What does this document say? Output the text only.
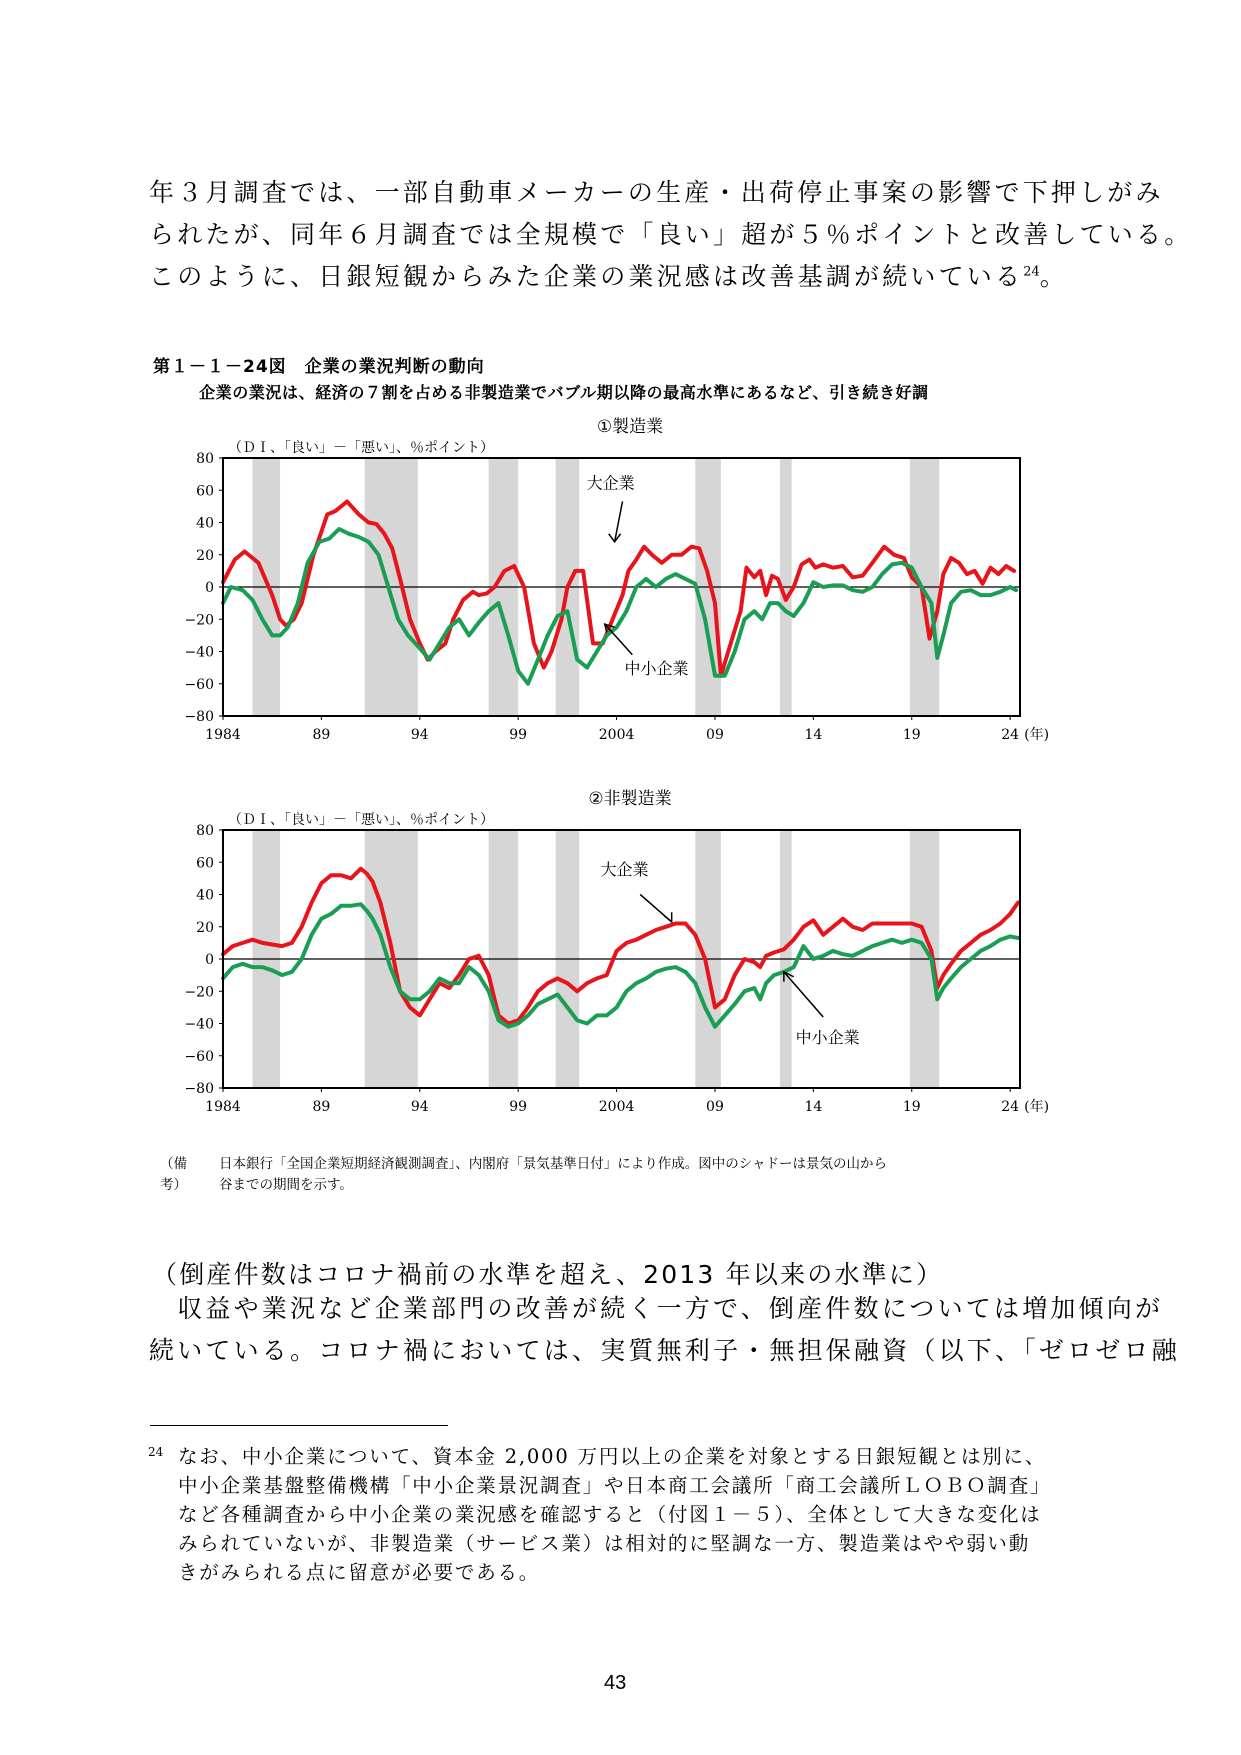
年３月調査では、一部自動車メーカーの生産・出荷停止事案の影響で下押しがみ

られたが、同年６月調査では全規模で「良い」超が５％ポイントと改善している。

このように、日銀短観からみた企業の業況感は改善基調が続いている$^{24}$。

第１－１－24図　企業の業況判断の動向
企業の業況は、経済の７割を占める非製造業でバブル期以降の最高水準にあるなど、引き続き好調
①製造業
（ＤＩ、「良い」－「悪い」、％ポイント）
80
60
40
20
0
−20
−40
−60
−80
1984	89	94	99	2004	09	14	19	24 (年)
大企業
中小企業
②非製造業
（ＤＩ、「良い」－「悪い」、％ポイント）
80
60
40
20
0
−20
−40
−60
−80
1984	89	94	99	2004	09	14	19	24 (年)
大企業
中小企業
（備考）
日本銀行「全国企業短期経済観測調査」、内閣府「景気基準日付」により作成。図中のシャドーは景気の山から
谷までの期間を示す。
（倒産件数はコロナ禍前の水準を超え、2013 年以来の水準に）

　収益や業況など企業部門の改善が続く一方で、倒産件数については増加傾向が

続いている。コロナ禍においては、実質無利子・無担保融資（以下、「ゼロゼロ融

24 なお、中小企業について、資本金 2,000 万円以上の企業を対象とする日銀短観とは別に、

中小企業基盤整備機構「中小企業景況調査」や日本商工会議所「商工会議所ＬＯＢＯ調査」

など各種調査から中小企業の業況感を確認すると（付図１－５）、全体として大きな変化は

みられていないが、非製造業（サービス業）は相対的に堅調な一方、製造業はやや弱い動

きがみられる点に留意が必要である。

43
